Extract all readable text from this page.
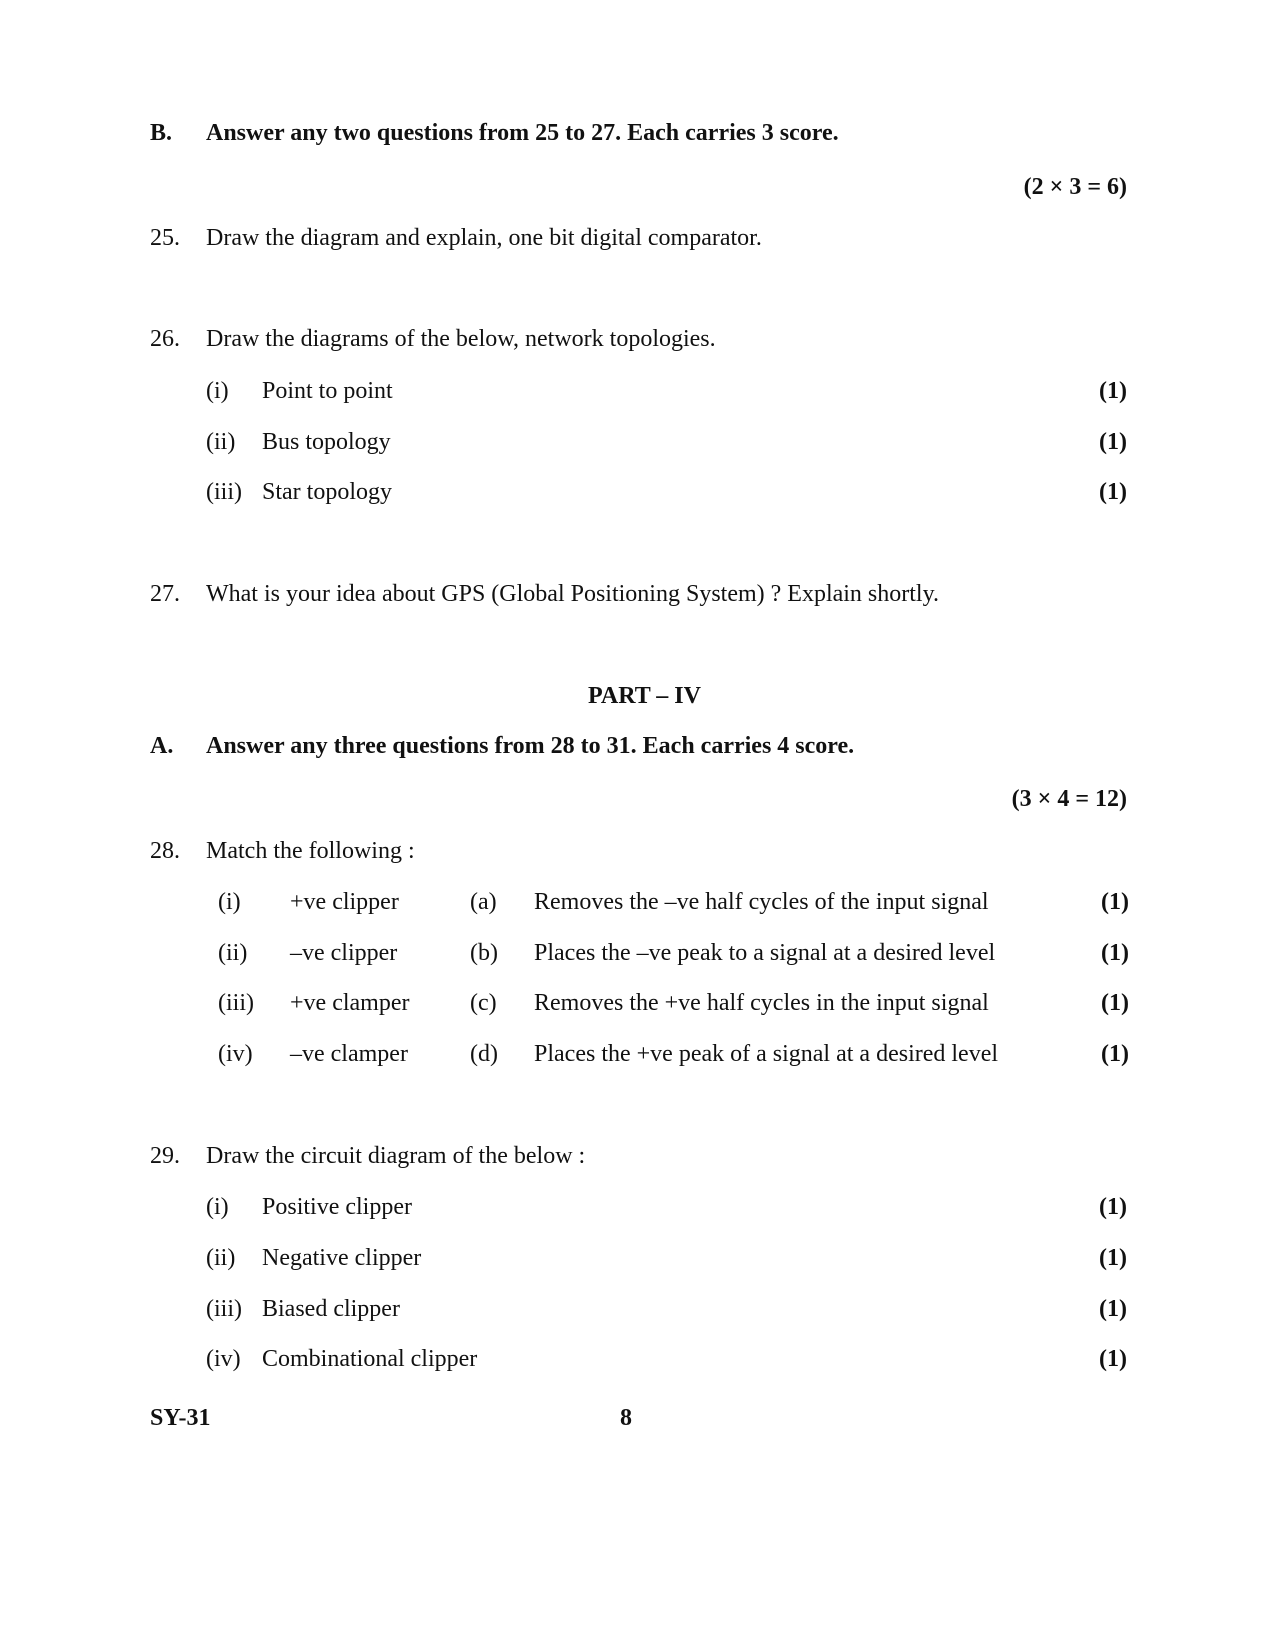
B. Answer any two questions from 25 to 27. Each carries 3 score.
(2 × 3 = 6)
25. Draw the diagram and explain, one bit digital comparator.
26. Draw the diagrams of the below, network topologies.
(i) Point to point	(1)
(ii) Bus topology	(1)
(iii) Star topology	(1)
27. What is your idea about GPS (Global Positioning System) ? Explain shortly.
PART – IV
A. Answer any three questions from 28 to 31. Each carries 4 score.
(3 × 4 = 12)
28. Match the following :
(i) +ve clipper	(a) Removes the –ve half cycles of the input signal	(1)
(ii) –ve clipper	(b) Places the –ve peak to a signal at a desired level	(1)
(iii) +ve clamper	(c) Removes the +ve half cycles in the input signal	(1)
(iv) –ve clamper	(d) Places the +ve peak of a signal at a desired level	(1)
29. Draw the circuit diagram of the below :
(i) Positive clipper	(1)
(ii) Negative clipper	(1)
(iii) Biased clipper	(1)
(iv) Combinational clipper	(1)
SY-31	8
